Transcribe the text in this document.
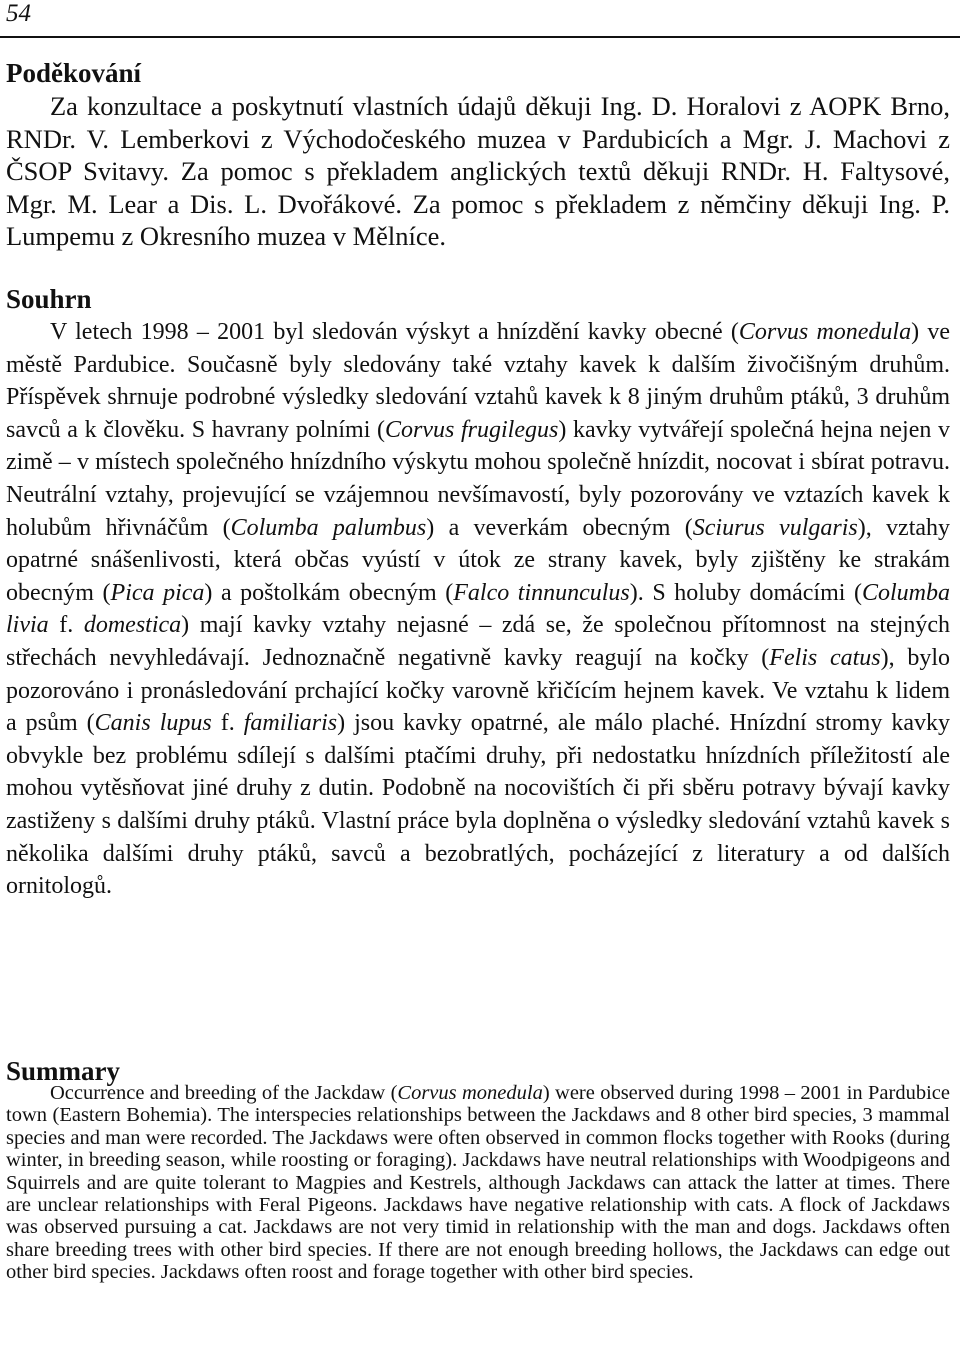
54
Poděkování

Za konzultace a poskytnutí vlastních údajů děkuji Ing. D. Horalovi z AOPK Brno, RNDr. V. Lemberkovi z Východočeského muzea v Pardubicích a Mgr. J. Machovi z ČSOP Svitavy. Za pomoc s překladem anglických textů děkuji RNDr. H. Faltysové, Mgr. M. Lear a Dis. L. Dvořákové. Za pomoc s překladem z němčiny děkuji Ing. P. Lumpemu z Okresního muzea v Mělníce.

Souhrn

V letech 1998 – 2001 byl sledován výskyt a hnízdění kavky obecné (Corvus monedula) ve městě Pardubice. Současně byly sledovány také vztahy kavek k dalším živočišným druhům. Příspěvek shrnuje podrobné výsledky sledování vztahů kavek k 8 jiným druhům ptáků, 3 druhům savců a k člověku. S havrany polními (Corvus frugilegus) kavky vytvářejí společná hejna nejen v zimě – v místech společného hnízdního výskytu mohou společně hnízdit, nocovat i sbírat potravu. Neutrální vztahy, projevující se vzájemnou nevšímavostí, byly pozorovány ve vztazích kavek k holubům hřivnáčům (Columba palumbus) a veverkám obecným (Sciurus vulgaris), vztahy opatrné snášenlivosti, která občas vyústí v útok ze strany kavek, byly zjištěny ke strakám obecným (Pica pica) a poštolkám obecným (Falco tinnunculus). S holuby domácími (Columba livia f. domestica) mají kavky vztahy nejasné – zdá se, že společnou přítomnost na stejných střechách nevyhledávají. Jednoznačně negativně kavky reagují na kočky (Felis catus), bylo pozorováno i pronásledování prchající kočky varovně křičícím hejnem kavek. Ve vztahu k lidem a psům (Canis lupus f. familiaris) jsou kavky opatrné, ale málo plaché. Hnízdní stromy kavky obvykle bez problému sdílejí s dalšími ptačími druhy, při nedostatku hnízdních příležitostí ale mohou vytěsňovat jiné druhy z dutin. Podobně na nocovištích či při sběru potravy bývají kavky zastiženy s dalšími druhy ptáků. Vlastní práce byla doplněna o výsledky sledování vztahů kavek s několika dalšími druhy ptáků, savců a bezobratlých, pocházející z literatury a od dalších ornitologů.

Summary

Occurrence and breeding of the Jackdaw (Corvus monedula) were observed during 1998 – 2001 in Pardubice town (Eastern Bohemia). The interspecies relationships between the Jackdaws and 8 other bird species, 3 mammal species and man were recorded. The Jackdaws were often observed in common flocks together with Rooks (during winter, in breeding season, while roosting or foraging). Jackdaws have neutral relationships with Woodpigeons and Squirrels and are quite tolerant to Magpies and Kestrels, although Jackdaws can attack the latter at times. There are unclear relationships with Feral Pigeons. Jackdaws have negative relationship with cats. A flock of Jackdaws was observed pursuing a cat. Jackdaws are not very timid in relationship with the man and dogs. Jackdaws often share breeding trees with other bird species. If there are not enough breeding hollows, the Jackdaws can edge out other bird species. Jackdaws often roost and forage together with other bird species.
